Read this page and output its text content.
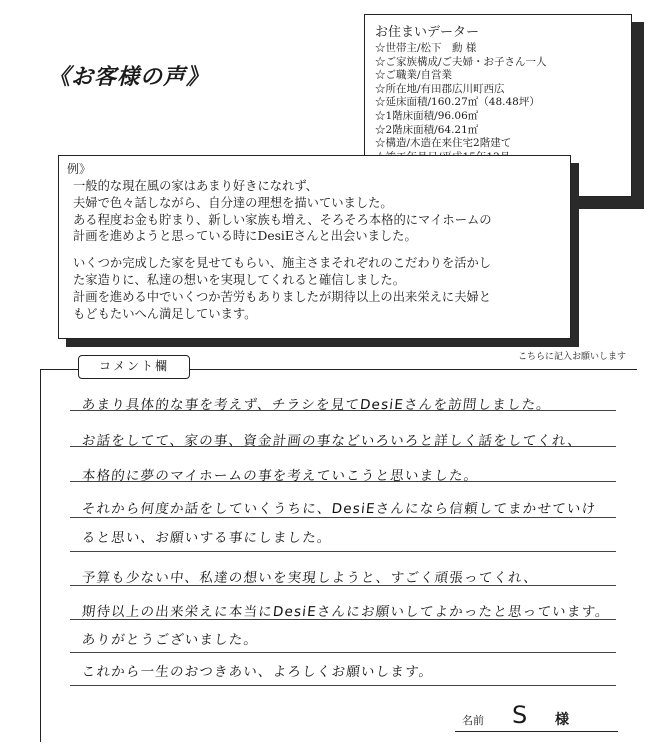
《お客様の声》
お住まいデーター
☆世帯主/松下　勳 様
☆ご家族構成/ご夫婦・お子さん一人
☆ご職業/自営業
☆所在地/有田郡広川町西広
☆延床面積/160.27㎡（48.48坪）
☆1階床面積/96.06㎡
☆2階床面積/64.21㎡
☆構造/木造在来住宅2階建て
例》

一般的な現在風の家はあまり好きになれず、

夫婦で色々話しながら、自分達の理想を描いていました。

ある程度お金も貯まり、新しい家族も増え、そろそろ本格的にマイホームの

計画を進めようと思っている時にDesiEさんと出会いました。

いくつか完成した家を見せてもらい、施主さまそれぞれのこだわりを活かし

た家造りに、私達の想いを実現してくれると確信しました。

計画を進める中でいくつか苦労もありましたが期待以上の出来栄えに夫婦と

もどもたいへん満足しています。

こちらに記入お願いします
コメント欄
あまり具体的な事を考えず、チラシを見てDesiEさんを訪問しました。
お話をしてて、家の事、資金計画の事などいろいろと詳しく話をしてくれ、
本格的に夢のマイホームの事を考えていこうと思いました。
それから何度か話をしていくうちに、DesiEさんになら信頼してまかせていけ
ると思い、お願いする事にしました。
予算も少ない中、私達の想いを実現しようと、すごく頑張ってくれ、
期待以上の出来栄えに本当にDesiEさんにお願いしてよかったと思っています。
ありがとうございました。
これから一生のおつきあい、よろしくお願いします。
名前 S 様
